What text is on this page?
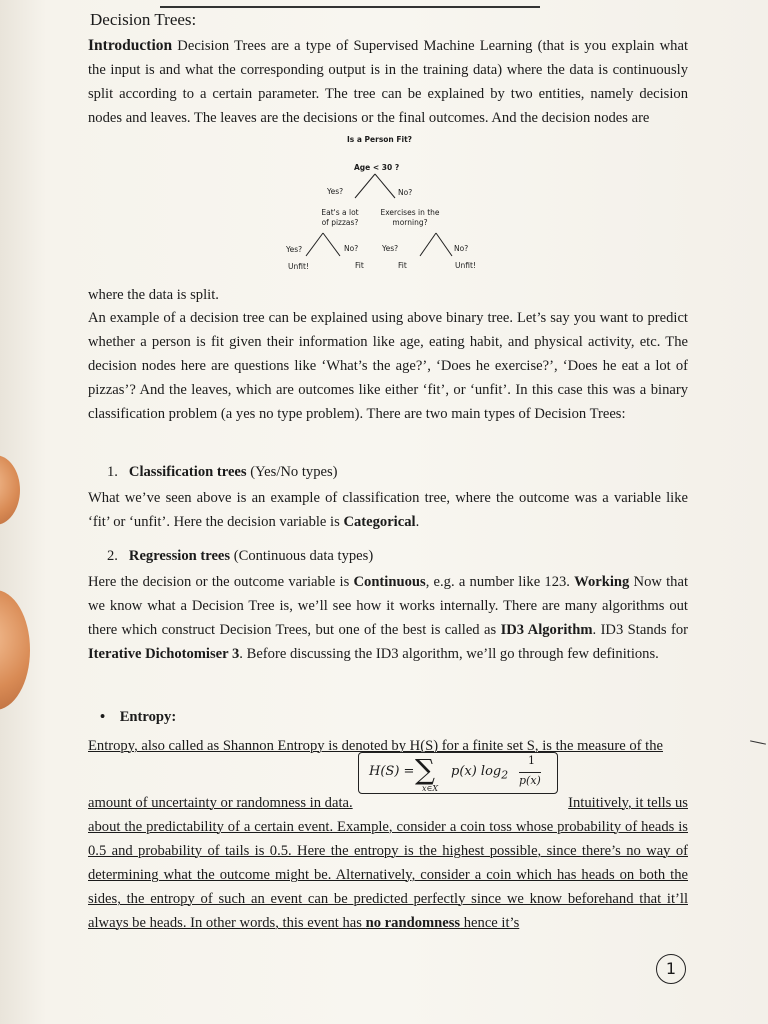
Decision Trees:
Introduction Decision Trees are a type of Supervised Machine Learning (that is you explain what the input is and what the corresponding output is in the training data) where the data is continuously split according to a certain parameter. The tree can be explained by two entities, namely decision nodes and leaves. The leaves are the decisions or the final outcomes. And the decision nodes are
Is a Person Fit?
Age < 30 ?
Yes?	No?
Eat's a lot of pizzas?
Exercises in the morning?
Yes?	No?	Yes?	No?
Unfit!	Fit	Fit	Unfit!
where the data is split.
An example of a decision tree can be explained using above binary tree. Let’s say you want to predict whether a person is fit given their information like age, eating habit, and physical activity, etc. The decision nodes here are questions like ‘What’s the age?’, ‘Does he exercise?’, ‘Does he eat a lot of pizzas’? And the leaves, which are outcomes like either ‘fit’, or ‘unfit’. In this case this was a binary classification problem (a yes no type problem). There are two main types of Decision Trees:
1. Classification trees (Yes/No types)
What we’ve seen above is an example of classification tree, where the outcome was a variable like ‘fit’ or ‘unfit’. Here the decision variable is Categorical.
2. Regression trees (Continuous data types)
Here the decision or the outcome variable is Continuous, e.g. a number like 123. Working Now that we know what a Decision Tree is, we’ll see how it works internally. There are many algorithms out there which construct Decision Trees, but one of the best is called as ID3 Algorithm. ID3 Stands for Iterative Dichotomiser 3. Before discussing the ID3 algorithm, we’ll go through few definitions.
• Entropy:
Entropy, also called as Shannon Entropy is denoted by H(S) for a finite set S, is the measure of the
H(S) = ∑
x∈X
p(x) $\log_2$
1
p(x)
amount of uncertainty or randomness in data.	Intuitively, it tells us
about the predictability of a certain event. Example, consider a coin toss whose probability of heads is 0.5 and probability of tails is 0.5. Here the entropy is the highest possible, since there’s no way of determining what the outcome might be. Alternatively, consider a coin which has heads on both the sides, the entropy of such an event can be predicted perfectly since we know beforehand that it’ll always be heads. In other words, this event has no randomness hence it’s
1
